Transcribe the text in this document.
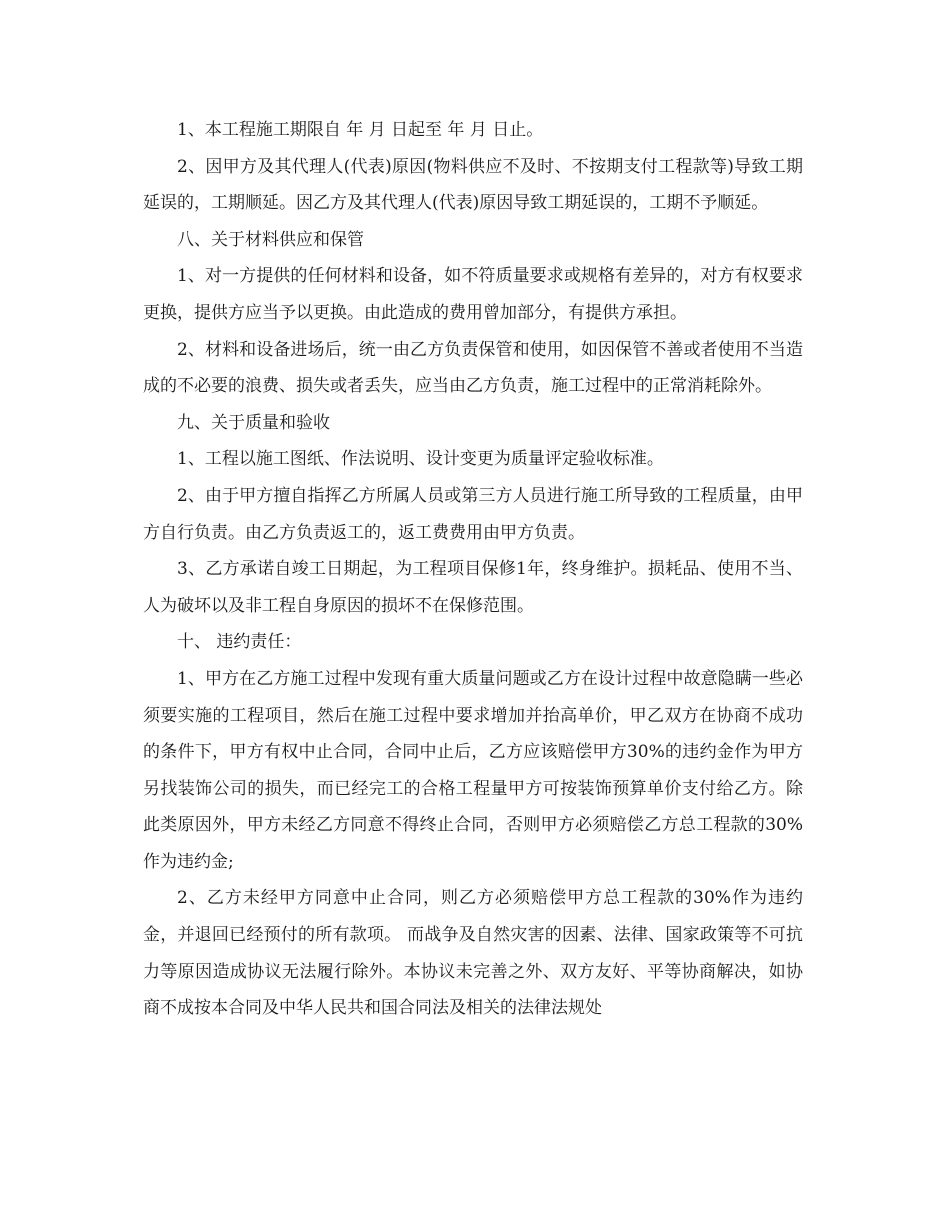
1、本工程施工期限自 年 月 日起至 年 月 日止。

2、因甲方及其代理人(代表)原因(物料供应不及时、不按期支付工程款等)导致工期延误的，工期顺延。因乙方及其代理人(代表)原因导致工期延误的，工期不予顺延。

八、关于材料供应和保管

1、对一方提供的任何材料和设备，如不符质量要求或规格有差异的，对方有权要求更换，提供方应当予以更换。由此造成的费用曾加部分，有提供方承担。

2、材料和设备进场后，统一由乙方负责保管和使用，如因保管不善或者使用不当造成的不必要的浪费、损失或者丢失，应当由乙方负责，施工过程中的正常消耗除外。

九、关于质量和验收

1、工程以施工图纸、作法说明、设计变更为质量评定验收标准。

2、由于甲方擅自指挥乙方所属人员或第三方人员进行施工所导致的工程质量，由甲方自行负责。由乙方负责返工的，返工费费用由甲方负责。

3、乙方承诺自竣工日期起，为工程项目保修1年，终身维护。损耗品、使用不当、人为破坏以及非工程自身原因的损坏不在保修范围。

十、 违约责任：

1、甲方在乙方施工过程中发现有重大质量问题或乙方在设计过程中故意隐瞒一些必须要实施的工程项目，然后在施工过程中要求增加并抬高单价，甲乙双方在协商不成功的条件下，甲方有权中止合同，合同中止后，乙方应该赔偿甲方30%的违约金作为甲方另找装饰公司的损失，而已经完工的合格工程量甲方可按装饰预算单价支付给乙方。除此类原因外，甲方未经乙方同意不得终止合同，否则甲方必须赔偿乙方总工程款的30%作为违约金;

2、乙方未经甲方同意中止合同，则乙方必须赔偿甲方总工程款的30%作为违约金，并退回已经预付的所有款项。 而战争及自然灾害的因素、法律、国家政策等不可抗力等原因造成协议无法履行除外。本协议未完善之外、双方友好、平等协商解决，如协商不成按本合同及中华人民共和国合同法及相关的法律法规处
